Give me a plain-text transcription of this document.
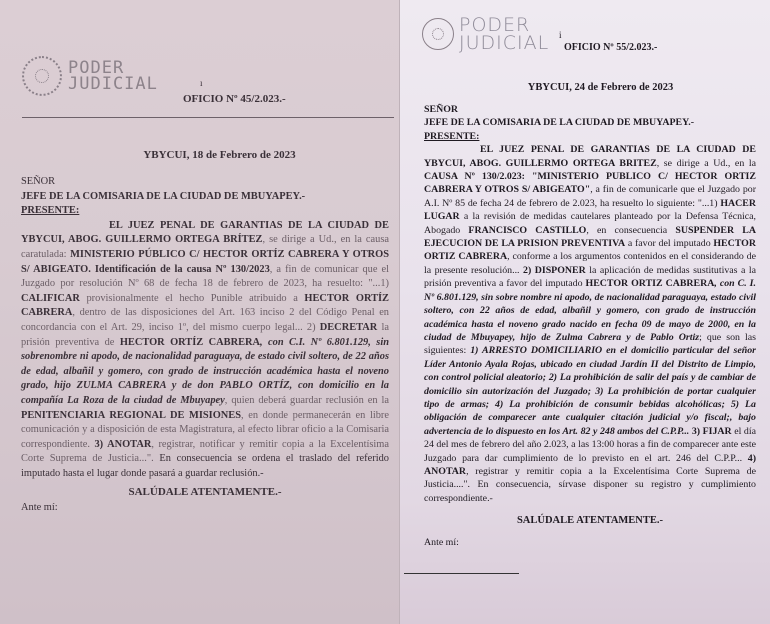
PODER
JUDICIAL	ı
OFICIO Nº 45/2.023.-
YBYCUI, 18 de Febrero de 2023
SEÑOR
JEFE DE LA COMISARIA DE LA CIUDAD DE MBUYAPEY.-
PRESENTE:
EL JUEZ PENAL DE GARANTIAS DE LA CIUDAD DE YBYCUI, ABOG. GUILLERMO ORTEGA BRÍTEZ, se dirige a Ud., en la causa caratulada: MINISTERIO PÚBLICO C/ HECTOR ORTÍZ CABRERA Y OTROS S/ ABIGEATO. Identificación de la causa Nº 130/2023, a fin de comunicar que el Juzgado por resolución Nº 68 de fecha 18 de febrero de 2023, ha resuelto: "...1) CALIFICAR provisionalmente el hecho Punible atribuido a HECTOR ORTÍZ CABRERA, dentro de las disposiciones del Art. 163 inciso 2 del Código Penal en concordancia con el Art. 29, inciso 1º, del mismo cuerpo legal... 2) DECRETAR la prisión preventiva de HECTOR ORTÍZ CABRERA, con C.I. Nº 6.801.129, sin sobrenombre ni apodo, de nacionalidad paraguaya, de estado civil soltero, de 22 años de edad, albañil y gomero, con grado de instrucción académica hasta el noveno grado, hijo ZULMA CABRERA y de don PABLO ORTÍZ, con domicilio en la compañía La Roza de la ciudad de Mbuyapey, quien deberá guardar reclusión en la PENITENCIARIA REGIONAL DE MISIONES, en donde permanecerán en libre comunicación y a disposición de esta Magistratura, al efecto librar oficio a la Comisaria correspondiente. 3) ANOTAR, registrar, notificar y remitir copia a la Excelentísima Corte Suprema de Justicia...". En consecuencia se ordena el traslado del referido imputado hasta el lugar donde pasará a guardar reclusión.-
SALÚDALE ATENTAMENTE.-
Ante mí:
PODER
JUDICIAL i
OFICIO Nº 55/2.023.-
YBYCUI, 24 de Febrero de 2023
SEÑOR
JEFE DE LA COMISARIA DE LA CIUDAD DE MBUYAPEY.-
PRESENTE:
EL JUEZ PENAL DE GARANTIAS DE LA CIUDAD DE YBYCUI, ABOG. GUILLERMO ORTEGA BRITEZ, se dirige a Ud., en la CAUSA Nº 130/2.023: "MINISTERIO PUBLICO C/ HECTOR ORTIZ CABRERA Y OTROS S/ ABIGEATO", a fin de comunicarle que el Juzgado por A.I. Nº 85 de fecha 24 de febrero de 2.023, ha resuelto lo siguiente: "...1) HACER LUGAR a la revisión de medidas cautelares planteado por la Defensa Técnica, Abogado FRANCISCO CASTILLO, en consecuencia SUSPENDER LA EJECUCION DE LA PRISION PREVENTIVA a favor del imputado HECTOR ORTIZ CABRERA, conforme a los argumentos contenidos en el considerando de la presente resolución... 2) DISPONER la aplicación de medidas sustitutivas a la prisión preventiva a favor del imputado HECTOR ORTIZ CABRERA, con C. I. Nº 6.801.129, sin sobre nombre ni apodo, de nacionalidad paraguaya, estado civil soltero, con 22 años de edad, albañil y gomero, con grado de instrucción académica hasta el noveno grado nacido en fecha 09 de mayo de 2000, en la ciudad de Mbuyapey, hijo de Zulma Cabrera y de Pablo Ortiz; que son las siguientes: 1) ARRESTO DOMICILIARIO en el domicilio particular del señor Líder Antonio Ayala Rojas, ubicado en ciudad Jardín II del Distrito de Limpio, con control policial aleatorio; 2) La prohibición de salir del país y de cambiar de domicilio sin autorización del Juzgado; 3) La prohibición de portar cualquier tipo de armas; 4) La prohibición de consumir bebidas alcohólicas; 5) La obligación de comparecer ante cualquier citación judicial y/o fiscal;, bajo advertencia de lo dispuesto en los Art. 82 y 248 ambos del C.P.P... 3) FIJAR el día 24 del mes de febrero del año 2.023, a las 13:00 horas a fin de comparecer ante este Juzgado para dar cumplimiento de lo previsto en el art. 246 del C.P.P... 4) ANOTAR, registrar y remitir copia a la Excelentísima Corte Suprema de Justicia....". En consecuencia, sírvase disponer su registro y cumplimiento correspondiente.-
SALÚDALE ATENTAMENTE.-
Ante mí:
